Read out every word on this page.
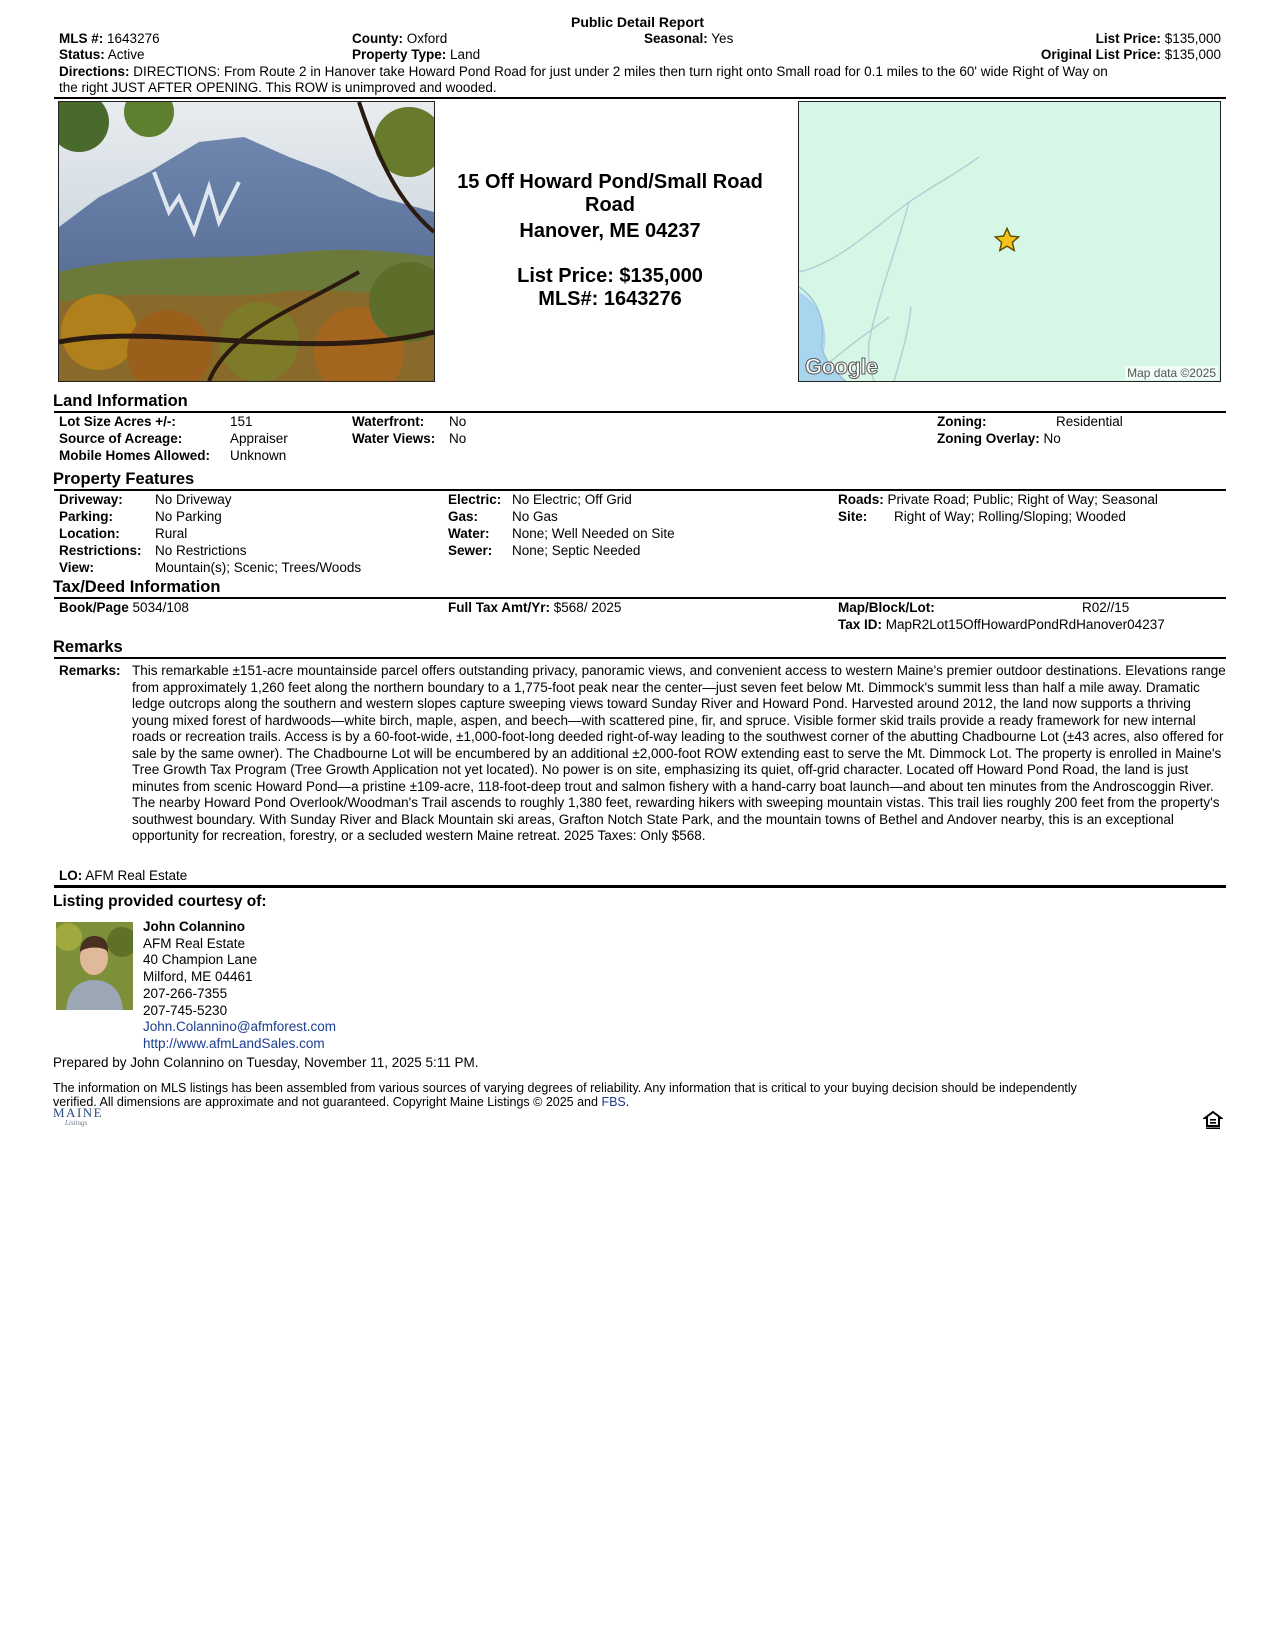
Public Detail Report
MLS #: 1643276
Status: Active
County: Oxford
Property Type: Land
Seasonal: Yes	List Price: $135,000
Original List Price: $135,000
Directions: DIRECTIONS: From Route 2 in Hanover take Howard Pond Road for just under 2 miles then turn right onto Small road for 0.1 miles to the 60' wide Right of Way on
the right JUST AFTER OPENING. This ROW is unimproved and wooded.
15 Off Howard Pond/Small Road
Road
Hanover, ME 04237
List Price: $135,000
MLS#: 1643276
Google	Map data ©2025
Land Information
Lot Size Acres +/-:	151
Source of Acreage:	Appraiser
Mobile Homes Allowed: Unknown
Waterfront: No
Water Views: No
Zoning:	Residential
Zoning Overlay: No
Property Features
Driveway: No Driveway
Parking:	No Parking
Location:	Rural
Restrictions: No Restrictions
View:	Mountain(s); Scenic; Trees/Woods
Electric: No Electric; Off Grid
Gas:	No Gas
Water: None; Well Needed on Site
Sewer: None; Septic Needed
Roads: Private Road; Public; Right of Way; Seasonal
Site: Right of Way; Rolling/Sloping; Wooded
Tax/Deed Information
Book/Page 5034/108	Full Tax Amt/Yr: $568/ 2025	Map/Block/Lot:	R02//15
Tax ID: MapR2Lot15OffHowardPondRdHanover04237
Remarks
Remarks: This remarkable ±151-acre mountainside parcel offers outstanding privacy, panoramic views, and convenient access to western Maine's premier outdoor destinations. Elevations range from approximately 1,260 feet along the northern boundary to a 1,775-foot peak near the center—just seven feet below Mt. Dimmock's summit less than half a mile away. Dramatic ledge outcrops along the southern and western slopes capture sweeping views toward Sunday River and Howard Pond. Harvested around 2012, the land now supports a thriving young mixed forest of hardwoods—white birch, maple, aspen, and beech—with scattered pine, fir, and spruce. Visible former skid trails provide a ready framework for new internal roads or recreation trails. Access is by a 60-foot-wide, ±1,000-foot-long deeded right-of-way leading to the southwest corner of the abutting Chadbourne Lot (±43 acres, also offered for sale by the same owner). The Chadbourne Lot will be encumbered by an additional ±2,000-foot ROW extending east to serve the Mt. Dimmock Lot. The property is enrolled in Maine's Tree Growth Tax Program (Tree Growth Application not yet located). No power is on site, emphasizing its quiet, off-grid character. Located off Howard Pond Road, the land is just minutes from scenic Howard Pond—a pristine ±109-acre, 118-foot-deep trout and salmon fishery with a hand-carry boat launch—and about ten minutes from the Androscoggin River. The nearby Howard Pond Overlook/Woodman's Trail ascends to roughly 1,380 feet, rewarding hikers with sweeping mountain vistas. This trail lies roughly 200 feet from the property's southwest boundary. With Sunday River and Black Mountain ski areas, Grafton Notch State Park, and the mountain towns of Bethel and Andover nearby, this is an exceptional opportunity for recreation, forestry, or a secluded western Maine retreat. 2025 Taxes: Only $568.
LO: AFM Real Estate
Listing provided courtesy of:
John Colannino
AFM Real Estate
40 Champion Lane
Milford, ME 04461
207-266-7355
207-745-5230
John.Colannino@afmforest.com
http://www.afmLandSales.com
Prepared by John Colannino on Tuesday, November 11, 2025 5:11 PM.
The information on MLS listings has been assembled from various sources of varying degrees of reliability. Any information that is critical to your buying decision should be independently
verified. All dimensions are approximate and not guaranteed. Copyright Maine Listings © 2025 and FBS.
MAINE
Listings
